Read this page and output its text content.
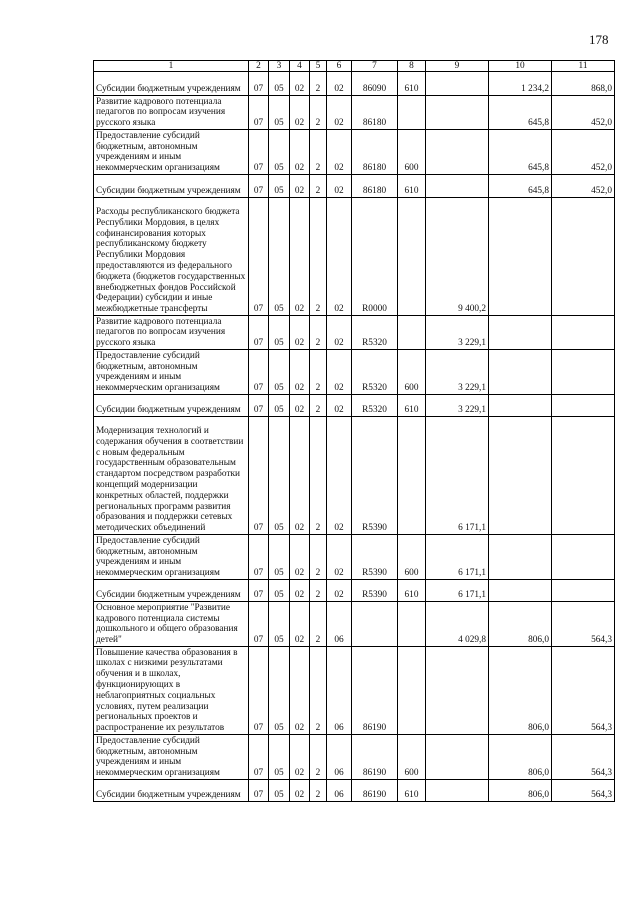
178
1	2	3	4	5	6	7	8	9	10	11
Субсидии бюджетным учреждениям	07	05	02	2	02	86090	610		1 234,2	868,0
Развитие кадрового потенциала педагогов по вопросам изучения русского языка	07	05	02	2	02	86180			645,8	452,0
Предоставление субсидий бюджетным, автономным учреждениям и иным некоммерческим организациям	07	05	02	2	02	86180	600		645,8	452,0
Субсидии бюджетным учреждениям	07	05	02	2	02	86180	610		645,8	452,0
Расходы республиканского бюджета Республики Мордовия, в целях софинансирования которых республиканскому бюджету Республики Мордовия предоставляются из федерального бюджета (бюджетов государственных внебюджетных фондов Российской Федерации) субсидии и иные межбюджетные трансферты	07	05	02	2	02	R0000		9 400,2		
Развитие кадрового потенциала педагогов по вопросам изучения русского языка	07	05	02	2	02	R5320		3 229,1		
Предоставление субсидий бюджетным, автономным учреждениям и иным некоммерческим организациям	07	05	02	2	02	R5320	600	3 229,1		
Субсидии бюджетным учреждениям	07	05	02	2	02	R5320	610	3 229,1		
Модернизация технологий и содержания обучения в соответствии с новым федеральным государственным образовательным стандартом посредством разработки концепций модернизации конкретных областей, поддержки региональных программ развития образования и поддержки сетевых методических объединений	07	05	02	2	02	R5390		6 171,1		
Предоставление субсидий бюджетным, автономным учреждениям и иным некоммерческим организациям	07	05	02	2	02	R5390	600	6 171,1		
Субсидии бюджетным учреждениям	07	05	02	2	02	R5390	610	6 171,1		
Основное мероприятие "Развитие кадрового потенциала системы дошкольного и общего образования детей"	07	05	02	2	06			4 029,8	806,0	564,3
Повышение качества образования в школах с низкими результатами обучения и в школах, функционирующих в неблагоприятных социальных условиях, путем реализации региональных проектов и распространение их результатов	07	05	02	2	06	86190			806,0	564,3
Предоставление субсидий бюджетным, автономным учреждениям и иным некоммерческим организациям	07	05	02	2	06	86190	600		806,0	564,3
Субсидии бюджетным учреждениям	07	05	02	2	06	86190	610		806,0	564,3
